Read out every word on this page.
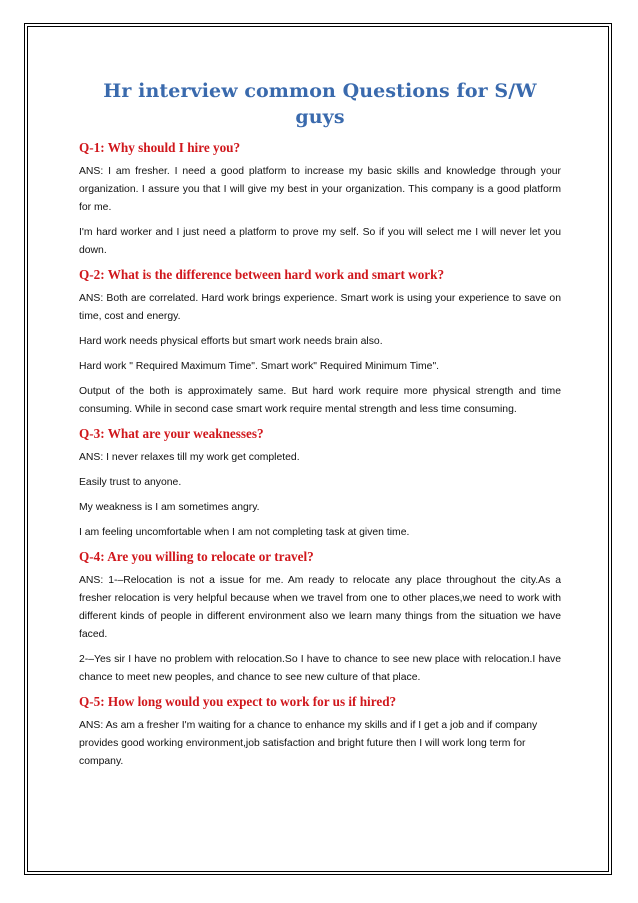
Hr interview common Questions for S/W guys
Q-1: Why should I hire you?

ANS: I am fresher. I need a good platform to increase my basic skills and knowledge through your organization. I assure you that I will give my best in your organization. This company is a good platform for me.

I'm hard worker and I just need a platform to prove my self. So if you will select me I will never let you down.

Q-2: What is the difference between hard work and smart work?

ANS: Both are correlated. Hard work brings experience. Smart work is using your experience to save on time, cost and energy.

Hard work needs physical efforts but smart work needs brain also.

Hard work " Required Maximum Time". Smart work" Required Minimum Time".

Output of the both is approximately same. But hard work require more physical strength and time consuming. While in second case smart work require mental strength and less time consuming.

Q-3: What are your weaknesses?

ANS: I never relaxes till my work get completed.

Easily trust to anyone.

My weakness is I am sometimes angry.

I am feeling uncomfortable when I am not completing task at given time.

Q-4: Are you willing to relocate or travel?

ANS: 1-–Relocation is not a issue for me. Am ready to relocate any place throughout the city.As a fresher relocation is very helpful because when we travel from one to other places,we need to work with different kinds of people in different environment also we learn many things from the situation we have faced.

2-–Yes sir I have no problem with relocation.So I have to chance to see new place with relocation.I have chance to meet new peoples, and chance to see new culture of that place.

Q-5: How long would you expect to work for us if hired?

ANS: As am a fresher I'm waiting for a chance to enhance my skills and if I get a job and if company provides good working environment,job satisfaction and bright future then I will work long term for company.
